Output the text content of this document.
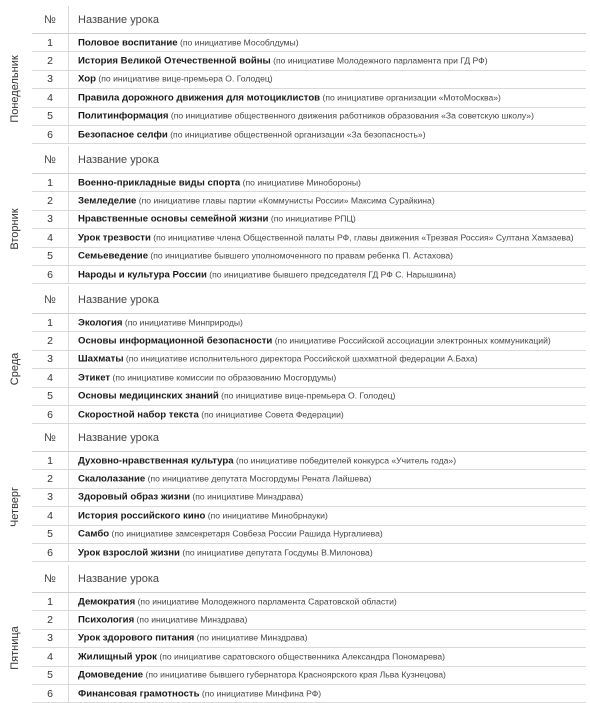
Понедельник
№	Название урока
1	Половое воспитание (по инициативе Мособлдумы)
2	История Великой Отечественной войны (по инициативе Молодежного парламента при ГД РФ)
3	Хор (по инициативе вице-премьера О. Голодец)
4	Правила дорожного движения для мотоциклистов (по инициативе организации «МотоМосква»)
5	Политинформация (по инициативе общественного движения работников образования «За советскую школу»)
6	Безопасное селфи (по инициативе общественной организации «За безопасность»)
Вторник
№	Название урока
1	Военно-прикладные виды спорта (по инициативе Минобороны)
2	Земледелие (по инициативе главы партии «Коммунисты России» Максима Сурайкина)
3	Нравственные основы семейной жизни (по инициативе РПЦ)
4	Урок трезвости (по инициативе члена Общественной палаты РФ, главы движения «Трезвая Россия» Султана Хамзаева)
5	Семьеведение (по инициативе бывшего уполномоченного по правам ребенка П. Астахова)
6	Народы и культура России (по инициативе бывшего председателя ГД РФ С. Нарышкина)
Среда
№	Название урока
1	Экология (по инициативе Минприроды)
2	Основы информационной безопасности (по инициативе Российской ассоциации электронных коммуникаций)
3	Шахматы (по инициативе исполнительного директора Российской шахматной федерации А.Баха)
4	Этикет (по инициативе комиссии по образованию Мосгордумы)
5	Основы медицинских знаний (по инициативе вице-премьера О. Голодец)
6	Скоростной набор текста (по инициативе Совета Федерации)
Четверг
№	Название урока
1	Духовно-нравственная культура (по инициативе победителей конкурса «Учитель года»)
2	Скалолазание (по инициативе депутата Мосгордумы Рената Лайшева)
3	Здоровый образ жизни (по инициативе Минздрава)
4	История российского кино (по инициативе Минобрнауки)
5	Самбо (по инициативе замсекретаря Совбеза России Рашида Нургалиева)
6	Урок взрослой жизни (по инициативе депутата Госдумы В.Милонова)
Пятница
№	Название урока
1	Демократия (по инициативе Молодежного парламента Саратовской области)
2	Психология (по инициативе Минздрава)
3	Урок здорового питания (по инициативе Минздрава)
4	Жилищный урок (по инициативе саратовского общественника Александра Пономарева)
5	Домоведение (по инициативе бывшего губернатора Красноярского края Льва Кузнецова)
6	Финансовая грамотность (по инициативе Минфина РФ)
